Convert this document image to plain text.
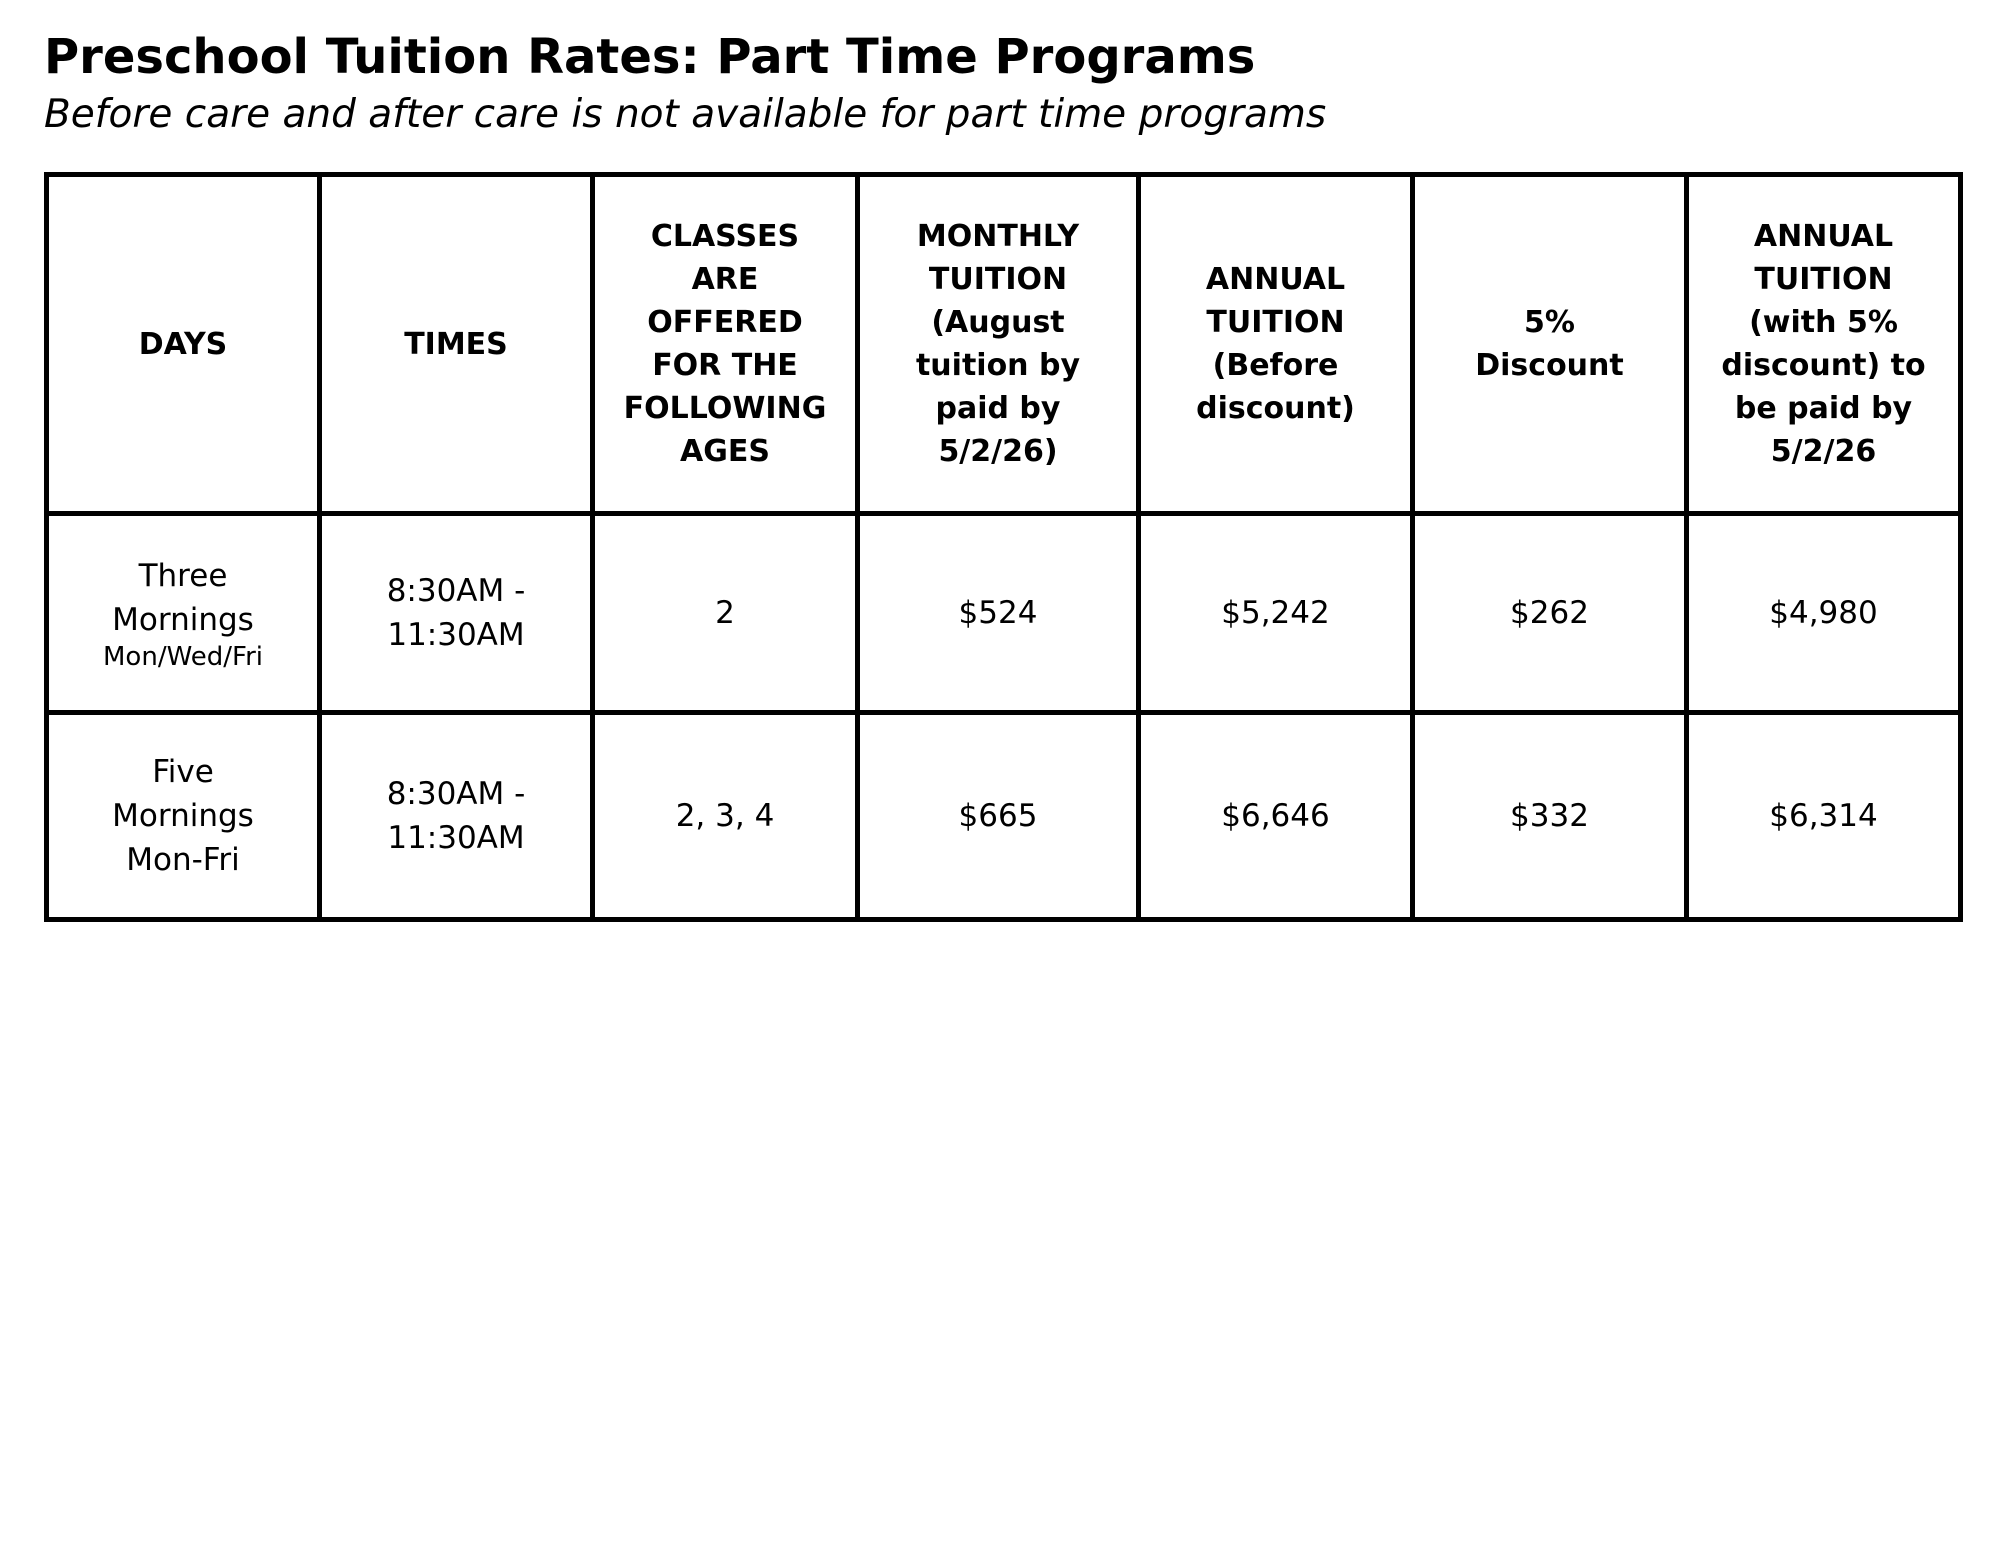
Preschool Tuition Rates: Part Time Programs

Before care and after care is not available for part time programs

DAYS	TIMES	CLASSES ARE OFFERED FOR THE FOLLOWING AGES	MONTHLY TUITION (August tuition by paid by 5/2/26)	ANNUAL TUITION (Before discount)	5% Discount	ANNUAL TUITION (with 5% discount) to be paid by 5/2/26

Three Mornings
Mon/Wed/Fri	8:30AM - 11:30AM	2	$524	$5,242	$262	$4,980

Five Mornings
Mon-Fri	8:30AM - 11:30AM	2, 3, 4	$665	$6,646	$332	$6,314
